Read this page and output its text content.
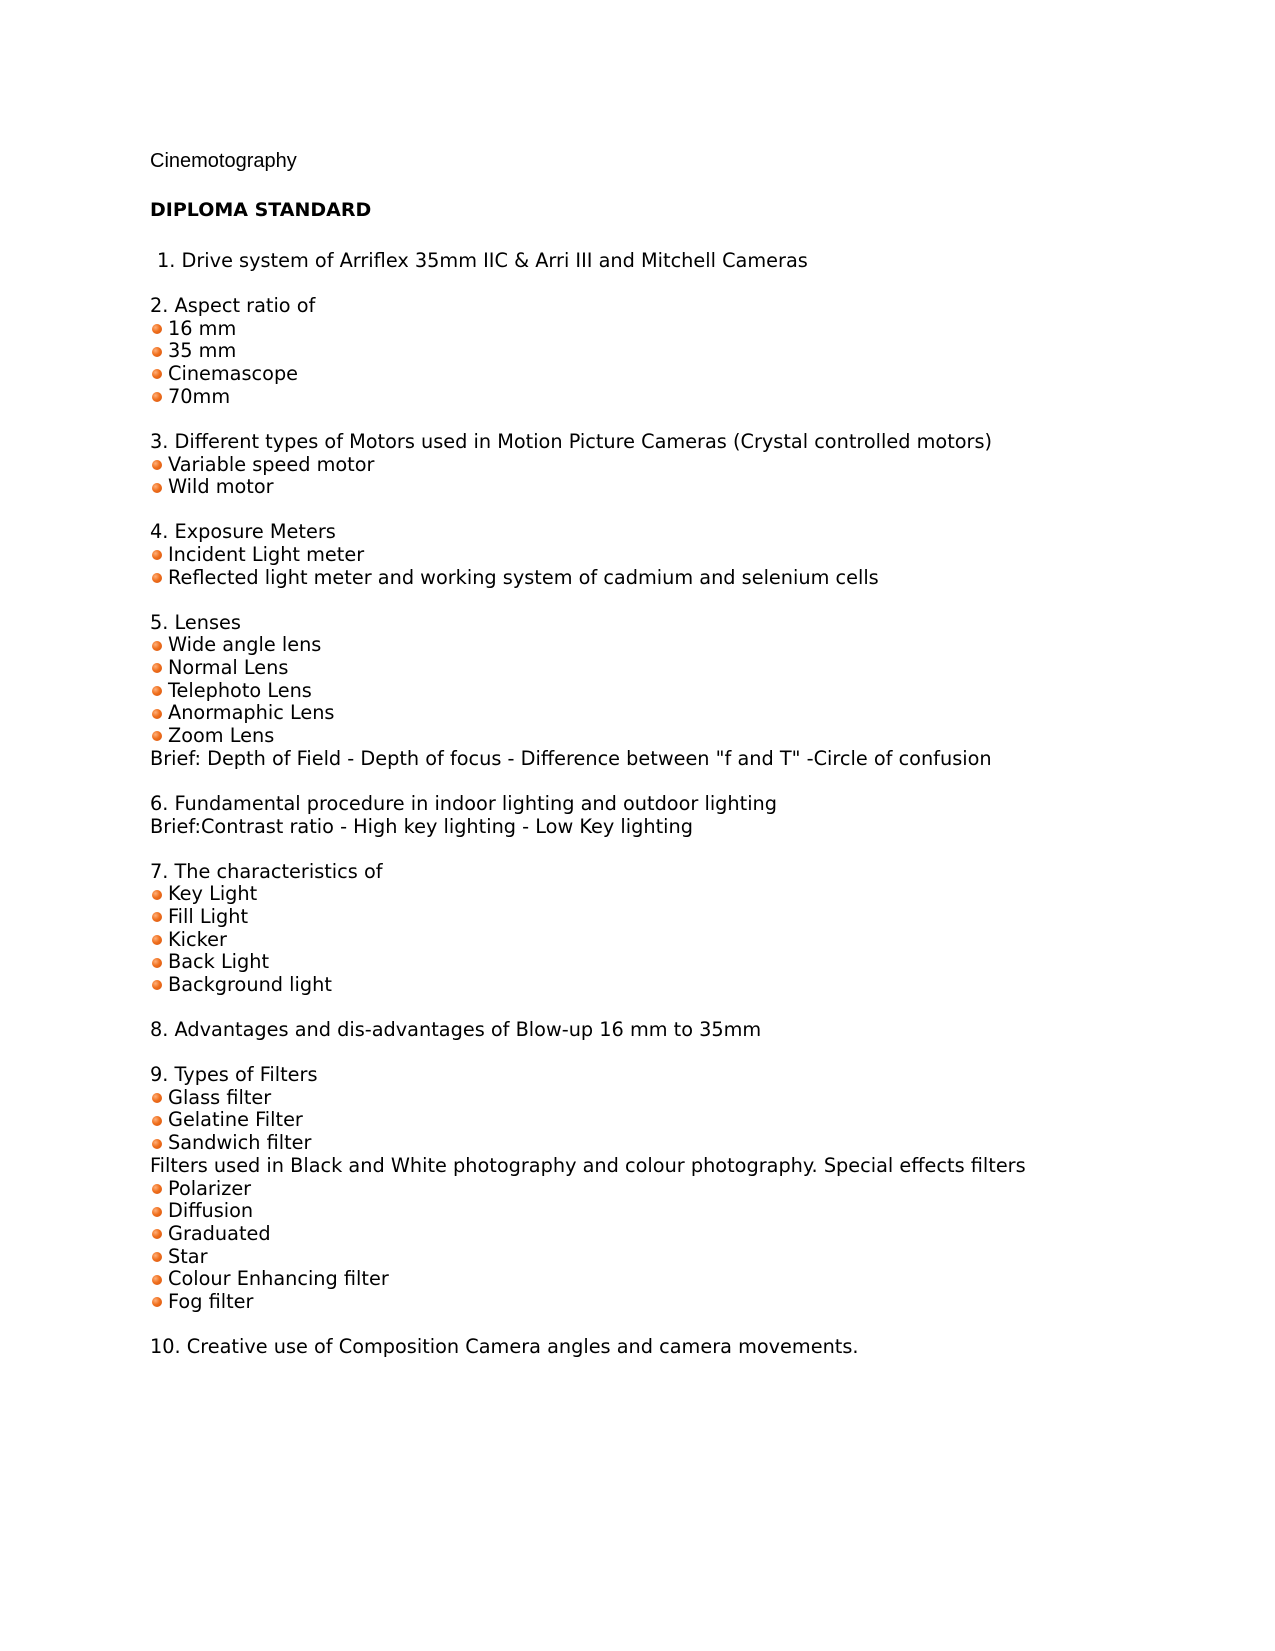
Cinemotography
DIPLOMA STANDARD
1. Drive system of Arriflex 35mm IIC & Arri III and Mitchell Cameras
2. Aspect ratio of
16 mm
35 mm
Cinemascope
70mm
3. Different types of Motors used in Motion Picture Cameras (Crystal controlled motors)
Variable speed motor
Wild motor
4. Exposure Meters
Incident Light meter
Reflected light meter and working system of cadmium and selenium cells
5. Lenses
Wide angle lens
Normal Lens
Telephoto Lens
Anormaphic Lens
Zoom Lens
Brief: Depth of Field - Depth of focus - Difference between "f and T" -Circle of confusion
6. Fundamental procedure in indoor lighting and outdoor lighting
Brief:Contrast ratio - High key lighting - Low Key lighting
7. The characteristics of
Key Light
Fill Light
Kicker
Back Light
Background light
8. Advantages and dis-advantages of Blow-up 16 mm to 35mm
9. Types of Filters
Glass filter
Gelatine Filter
Sandwich filter
Filters used in Black and White photography and colour photography. Special effects filters
Polarizer
Diffusion
Graduated
Star
Colour Enhancing filter
Fog filter
10. Creative use of Composition Camera angles and camera movements.
